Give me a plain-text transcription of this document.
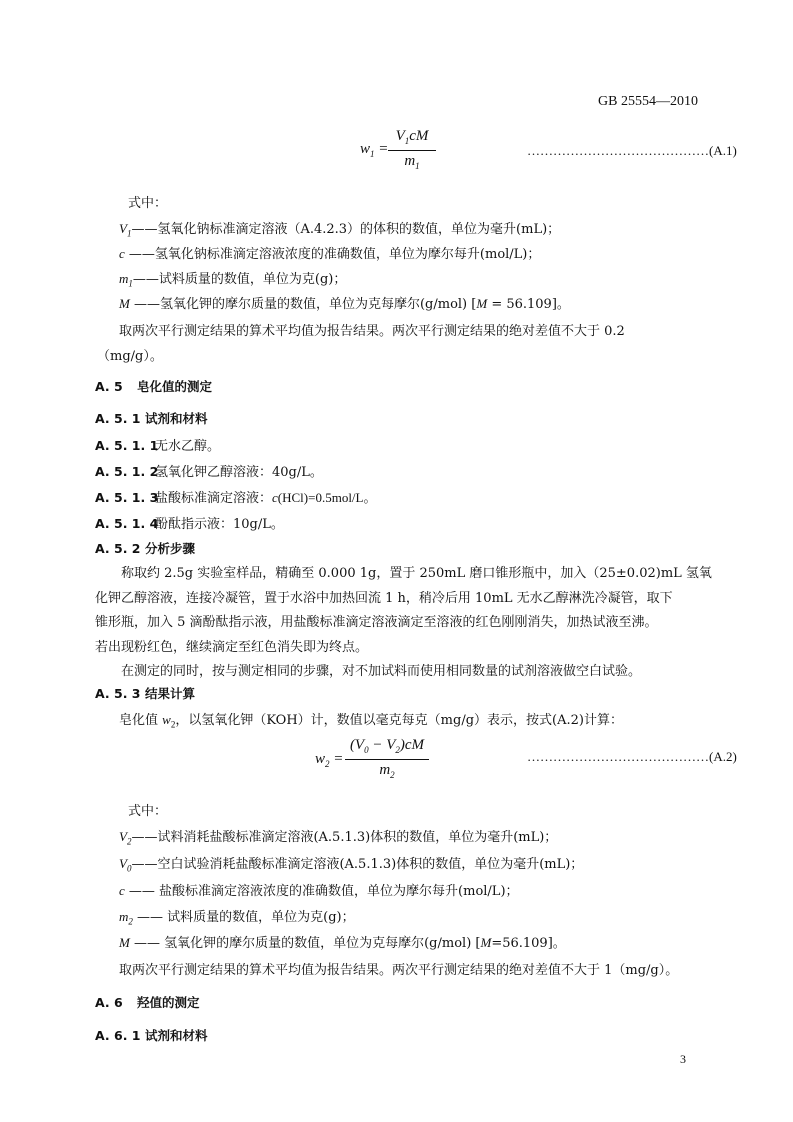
GB 25554—2010
$w_1$ =
$V_1cM$
$m_1$
……………………………………(A.1)
式中：
$V_1——$氢氧化钠标准滴定溶液（A.4.2.3）的体积的数值，单位为毫升(mL)；
c ——氢氧化钠标准滴定溶液浓度的准确数值，单位为摩尔每升(mol/L)；
$m_1——$试料质量的数值，单位为克(g)；
M ——氢氧化钾的摩尔质量的数值，单位为克每摩尔(g/mol) [M = 56.109]。
取两次平行测定结果的算术平均值为报告结果。两次平行测定结果的绝对差值不大于 0.2
（mg/g）。
A. 5 皂化值的测定
A. 5. 1 试剂和材料
A. 5. 1. 1无水乙醇。
A. 5. 1. 2氢氧化钾乙醇溶液：40g/L。
A. 5. 1. 3盐酸标准滴定溶液：c(HCl)=0.5mol/L。
A. 5. 1. 4酚酞指示液：10g/L。
A. 5. 2 分析步骤
　　称取约 2.5g 实验室样品，精确至 0.000 1g，置于 250mL 磨口锥形瓶中，加入（25±0.02)mL 氢氧
化钾乙醇溶液，连接冷凝管，置于水浴中加热回流 1 h，稍冷后用 10mL 无水乙醇淋洗冷凝管，取下
锥形瓶，加入 5 滴酚酞指示液，用盐酸标准滴定溶液滴定至溶液的红色刚刚消失，加热试液至沸。
若出现粉红色，继续滴定至红色消失即为终点。
　　在测定的同时，按与测定相同的步骤，对不加试料而使用相同数量的试剂溶液做空白试验。
A. 5. 3 结果计算
皂化值 $w_2$，以氢氧化钾（KOH）计，数值以毫克每克（mg/g）表示，按式(A.2)计算：
$w_2$ =
$(V_0 - V_2)cM$
$m_2$
……………………………………(A.2)
式中：
$V_2——$试料消耗盐酸标准滴定溶液(A.5.1.3)体积的数值，单位为毫升(mL)；
$V_0——$空白试验消耗盐酸标准滴定溶液(A.5.1.3)体积的数值，单位为毫升(mL)；
c —— 盐酸标准滴定溶液浓度的准确数值，单位为摩尔每升(mol/L)；
$m_2$ —— 试料质量的数值，单位为克(g)；
M —— 氢氧化钾的摩尔质量的数值，单位为克每摩尔(g/mol) [M=56.109]。
取两次平行测定结果的算术平均值为报告结果。两次平行测定结果的绝对差值不大于 1（mg/g）。
A. 6 羟值的测定
A. 6. 1 试剂和材料
3
